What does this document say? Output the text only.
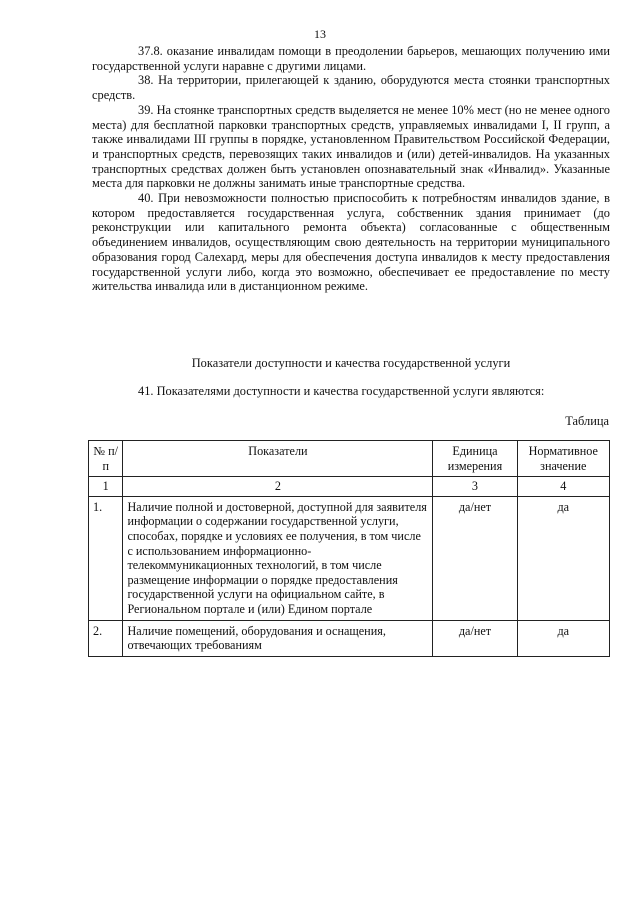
13

37.8. оказание инвалидам помощи в преодолении барьеров, мешающих получению ими государственной услуги наравне с другими лицами.

38. На территории, прилегающей к зданию, оборудуются места стоянки транспортных средств.

39. На стоянке транспортных средств выделяется не менее 10% мест (но не менее одного места) для бесплатной парковки транспортных средств, управляемых инвалидами I, II групп, а также инвалидами III группы в порядке, установленном Правительством Российской Федерации, и транспортных средств, перевозящих таких инвалидов и (или) детей-инвалидов. На указанных транспортных средствах должен быть установлен опознавательный знак «Инвалид». Указанные места для парковки не должны занимать иные транспортные средства.

40. При невозможности полностью приспособить к потребностям инвалидов здание, в котором предоставляется государственная услуга, собственник здания принимает (до реконструкции или капитального ремонта объекта) согласованные с общественным объединением инвалидов, осуществляющим свою деятельность на территории муниципального образования город Салехард, меры для обеспечения доступа инвалидов к месту предоставления государственной услуги либо, когда это возможно, обеспечивает ее предоставление по месту жительства инвалида или в дистанционном режиме.

Показатели доступности и качества государственной услуги

41. Показателями доступности и качества государственной услуги являются:

Таблица
№ п/п	Показатели	Единица измерения	Нормативное значение
1	2	3	4
1.	Наличие полной и достоверной, доступной для заявителя информации о содержании государственной услуги, способах, порядке и условиях ее получения, в том числе с использованием информационно-телекоммуникационных технологий, в том числе размещение информации о порядке предоставления государственной услуги на официальном сайте, в Региональном портале и (или) Едином портале	да/нет	да
2.	Наличие помещений, оборудования и оснащения, отвечающих требованиям	да/нет	да
